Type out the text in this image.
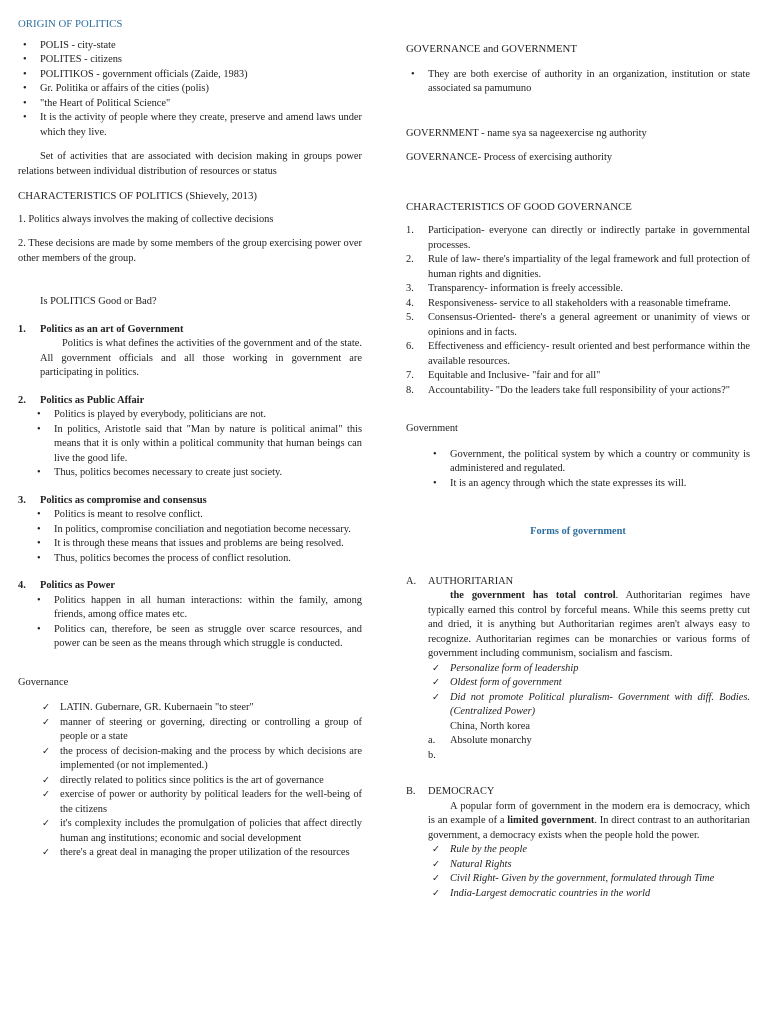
ORIGIN OF POLITICS

• POLIS - city-state
• POLITES - citizens
• POLITIKOS - government officials (Zaide, 1983)
• Gr. Politika or affairs of the cities (polis)
• "the Heart of Political Science"
• It is the activity of people where they create, preserve and amend laws under which they live.

Set of activities that are associated with decision making in groups power relations between individual distribution of resources or status

CHARACTERISTICS OF POLITICS (Shievely, 2013)

1. Politics always involves the making of collective decisions

2. These decisions are made by some members of the group exercising power over other members of the group.

Is POLITICS Good or Bad?

1. Politics as an art of Government

Politics is what defines the activities of the government and of the state. All government officials and all those working in government are participating in politics.

2. Politics as Public Affair
• Politics is played by everybody, politicians are not.
• In politics, Aristotle said that "Man by nature is political animal" this means that it is only within a political community that human beings can live the good life.
• Thus, politics becomes necessary to create just society.
3. Politics as compromise and consensus
• Politics is meant to resolve conflict.
• In politics, compromise conciliation and negotiation become necessary.
• It is through these means that issues and problems are being resolved.
• Thus, politics becomes the process of conflict resolution.
4. Politics as Power
• Politics happen in all human interactions: within the family, among friends, among office mates etc.
• Politics can, therefore, be seen as struggle over scarce resources, and power can be seen as the means through which struggle is conducted.

Governance

✓ LATIN. Gubernare, GR. Kubernaein "to steer"
✓ manner of steering or governing, directing or controlling a group of people or a state
✓ the process of decision-making and the process by which decisions are implemented (or not implemented.)
✓ directly related to politics since politics is the art of governance
✓ exercise of power or authority by political leaders for the well-being of the citizens
✓ it's complexity includes the promulgation of policies that affect directly human ang institutions; economic and social development
✓ there's a great deal in managing the proper utilization of the resources

GOVERNANCE and GOVERNMENT

• They are both exercise of authority in an organization, institution or state associated sa pamumuno

GOVERNMENT - name sya sa nageexercise ng authority

GOVERNANCE- Process of exercising authority

CHARACTERISTICS OF GOOD GOVERNANCE

1. Participation- everyone can directly or indirectly partake in governmental processes.
2. Rule of law- there's impartiality of the legal framework and full protection of human rights and dignities.
3. Transparency- information is freely accessible.
4. Responsiveness- service to all stakeholders with a reasonable timeframe.
5. Consensus-Oriented- there's a general agreement or unanimity of views or opinions and in facts.
6. Effectiveness and efficiency- result oriented and best performance within the available resources.
7. Equitable and Inclusive- "fair and for all"
8. Accountability- "Do the leaders take full responsibility of your actions?"

Government

• Government, the political system by which a country or community is administered and regulated.
• It is an agency through which the state expresses its will.

Forms of government

A. AUTHORITARIAN

the government has total control. Authoritarian regimes have typically earned this control by forceful means. While this seems pretty cut and dried, it is anything but Authoritarian regimes aren't always easy to recognize. Authoritarian regimes can be monarchies or various forms of government including communism, socialism and fascism.

✓ Personalize form of leadership
✓ Oldest form of government
✓ Did not promote Political pluralism- Government with diff. Bodies. (Centralized Power)

China, North korea

a. Absolute monarchy
b.
B. DEMOCRACY

A popular form of government in the modern era is democracy, which is an example of a limited government. In direct contrast to an authoritarian government, a democracy exists when the people hold the power.

✓ Rule by the people
✓ Natural Rights
✓ Civil Right- Given by the government, formulated through Time
✓ India-Largest democratic countries in the world
